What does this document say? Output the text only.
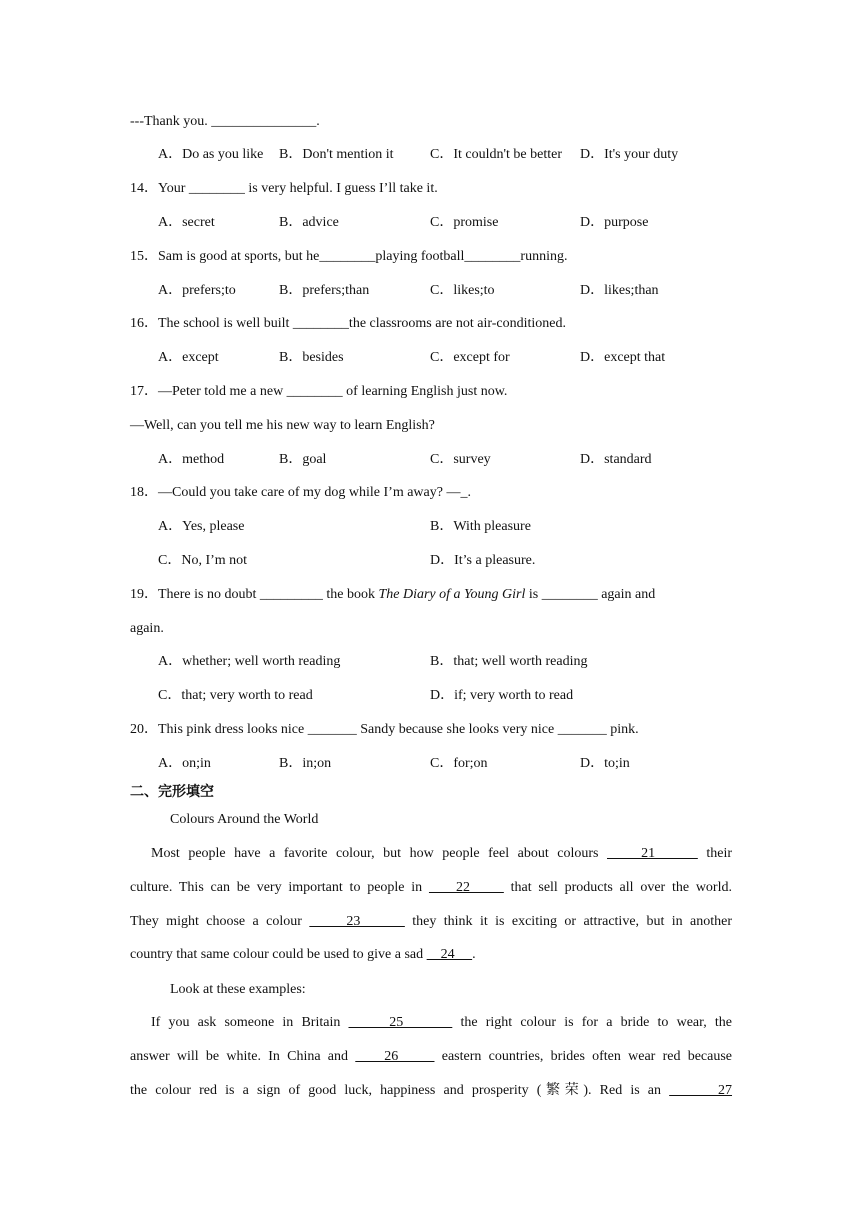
---Thank you. _______________.
A．Do as you like B．Don't mention it	C．It couldn't be better D．It's your duty
14．Your ________ is very helpful. I guess I’ll take it.
A．secret	B．advice	C．promise	D．purpose
15．Sam is good at sports, but he________playing football________running.
A．prefers;to	B．prefers;than	C．likes;to	D．likes;than
16．The school is well built ________the classrooms are not air-conditioned.
A．except	B．besides	C．except for	D．except that
17．—Peter told me a new ________ of learning English just now.
—Well, can you tell me his new way to learn English?
A．method	B．goal	C．survey	D．standard
18．—Could you take care of my dog while I’m away? —_.
A．Yes, please	B．With pleasure
C．No, I’m not	D．It’s a pleasure.
19．There is no doubt _________ the book The Diary of a Young Girl is ________ again and
again.
A．whether; well worth reading	B．that; well worth reading
C．that; very worth to read	D．if; very worth to read
20．This pink dress looks nice _______ Sandy because she looks very nice _______ pink.
A．on;in	B．in;on	C．for;on	D．to;in
二、完形填空
Colours Around the World
   Most people have a favorite colour, but how people feel about colours     21      their
culture. This can be very important to people in     22      that sell products all over the world.
They might choose a colour      23       they think it is exciting or attractive, but in another
country that same colour could be used to give a sad     24     .
Look at these examples:
   If you ask someone in Britain      25       the right colour is for a bride to wear, the
answer will be white. In China and     26      eastern countries, brides often wear red because
the colour red is a sign of good luck, happiness and prosperity (繁荣). Red is an       27
